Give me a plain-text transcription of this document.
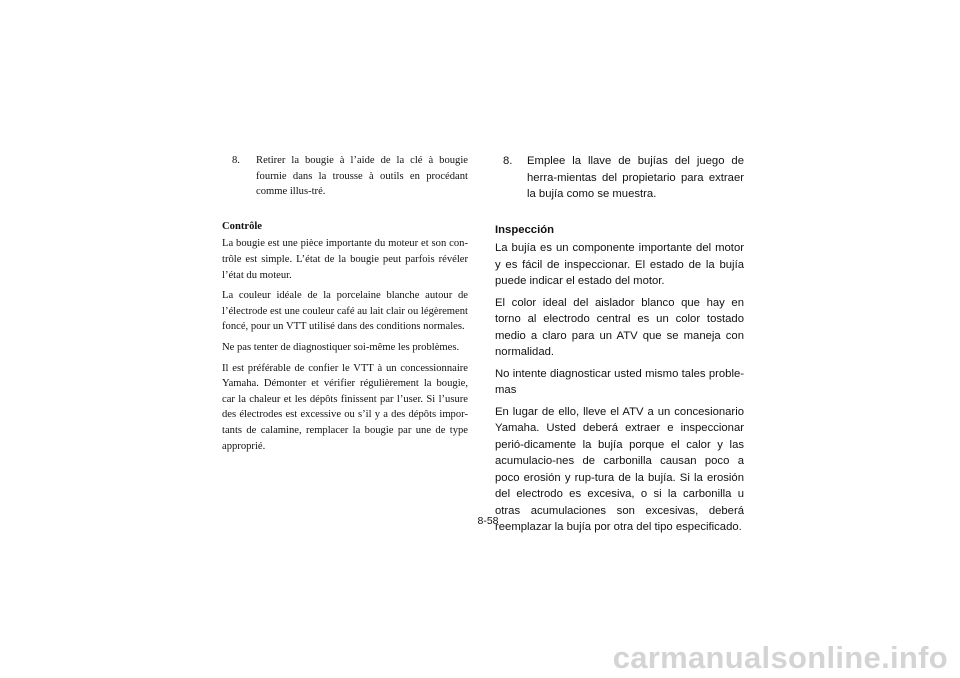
8.	Retirer la bougie à l’aide de la clé à bougie fournie dans la trousse à outils en procédant comme illus-tré.
Contrôle

La bougie est une pièce importante du moteur et son con-trôle est simple. L’état de la bougie peut parfois révéler l’état du moteur.

La couleur idéale de la porcelaine blanche autour de l’électrode est une couleur café au lait clair ou légèrement foncé, pour un VTT utilisé dans des conditions normales.

Ne pas tenter de diagnostiquer soi-même les problèmes.

Il est préférable de confier le VTT à un concessionnaire Yamaha. Démonter et vérifier régulièrement la bougie, car la chaleur et les dépôts finissent par l’user. Si l’usure des électrodes est excessive ou s’il y a des dépôts impor-tants de calamine, remplacer la bougie par une de type approprié.

8.	Emplee la llave de bujías del juego de herra-mientas del propietario para extraer la bujía como se muestra.
Inspección

La bujía es un componente importante del motor y es fácil de inspeccionar. El estado de la bujía puede indicar el estado del motor.

El color ideal del aislador blanco que hay en torno al electrodo central es un color tostado medio a claro para un ATV que se maneja con normalidad.

No intente diagnosticar usted mismo tales proble-mas

En lugar de ello, lleve el ATV a un concesionario Yamaha. Usted deberá extraer e inspeccionar perió-dicamente la bujía porque el calor y las acumulacio-nes de carbonilla causan poco a poco erosión y rup-tura de la bujía. Si la erosión del electrodo es excesiva, o si la carbonilla u otras acumulaciones son excesivas, deberá reemplazar la bujía por otra del tipo especificado.

8-58
carmanualsonline.info
